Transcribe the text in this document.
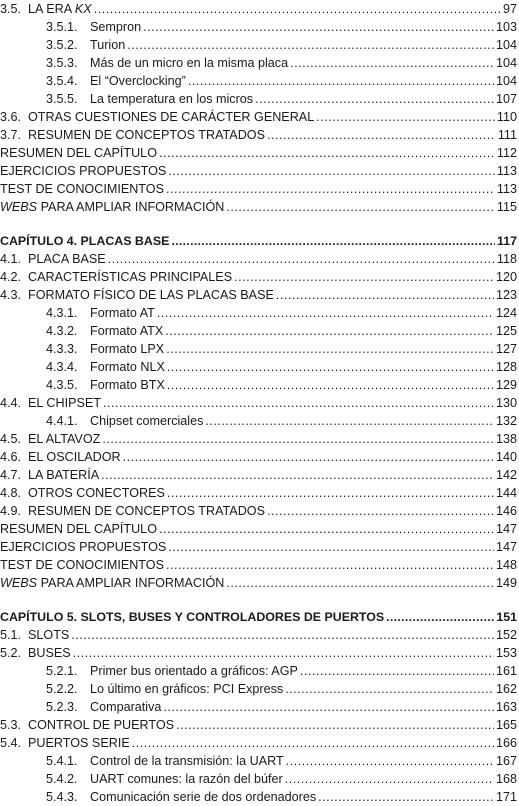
3.5. LA ERA KX .....	97
3.5.1. Sempron .....	103
3.5.2. Turion .....	104
3.5.3. Más de un micro en la misma placa .....	104
3.5.4. El “Overclocking” .....	104
3.5.5. La temperatura en los micros .....	107
3.6. OTRAS CUESTIONES DE CARÁCTER GENERAL .....	110
3.7. RESUMEN DE CONCEPTOS TRATADOS .....	111
RESUMEN DEL CAPÍTULO .....	112
EJERCICIOS PROPUESTOS .....	113
TEST DE CONOCIMIENTOS .....	113
WEBS PARA AMPLIAR INFORMACIÓN .....	115
CAPÍTULO 4. PLACAS BASE .....	117
4.1. PLACA BASE .....	118
4.2. CARACTERÍSTICAS PRINCIPALES .....	120
4.3. FORMATO FÍSICO DE LAS PLACAS BASE .....	123
4.3.1. Formato AT .....	124
4.3.2. Formato ATX .....	125
4.3.3. Formato LPX .....	127
4.3.4. Formato NLX .....	128
4.3.5. Formato BTX .....	129
4.4. EL CHIPSET .....	130
4.4.1. Chipset comerciales .....	132
4.5. EL ALTAVOZ .....	138
4.6. EL OSCILADOR .....	140
4.7. LA BATERÍA .....	142
4.8. OTROS CONECTORES .....	144
4.9. RESUMEN DE CONCEPTOS TRATADOS .....	146
RESUMEN DEL CAPÍTULO .....	147
EJERCICIOS PROPUESTOS .....	147
TEST DE CONOCIMIENTOS .....	148
WEBS PARA AMPLIAR INFORMACIÓN .....	149
CAPÍTULO 5. SLOTS, BUSES Y CONTROLADORES DE PUERTOS .....	151
5.1. SLOTS .....	152
5.2. BUSES .....	153
5.2.1. Primer bus orientado a gráficos: AGP .....	161
5.2.2. Lo último en gráficos: PCI Express .....	162
5.2.3. Comparativa .....	163
5.3. CONTROL DE PUERTOS .....	165
5.4. PUERTOS SERIE .....	166
5.4.1. Control de la transmisión: la UART .....	167
5.4.2. UART comunes: la razón del búfer .....	168
5.4.3. Comunicación serie de dos ordenadores .....	171
